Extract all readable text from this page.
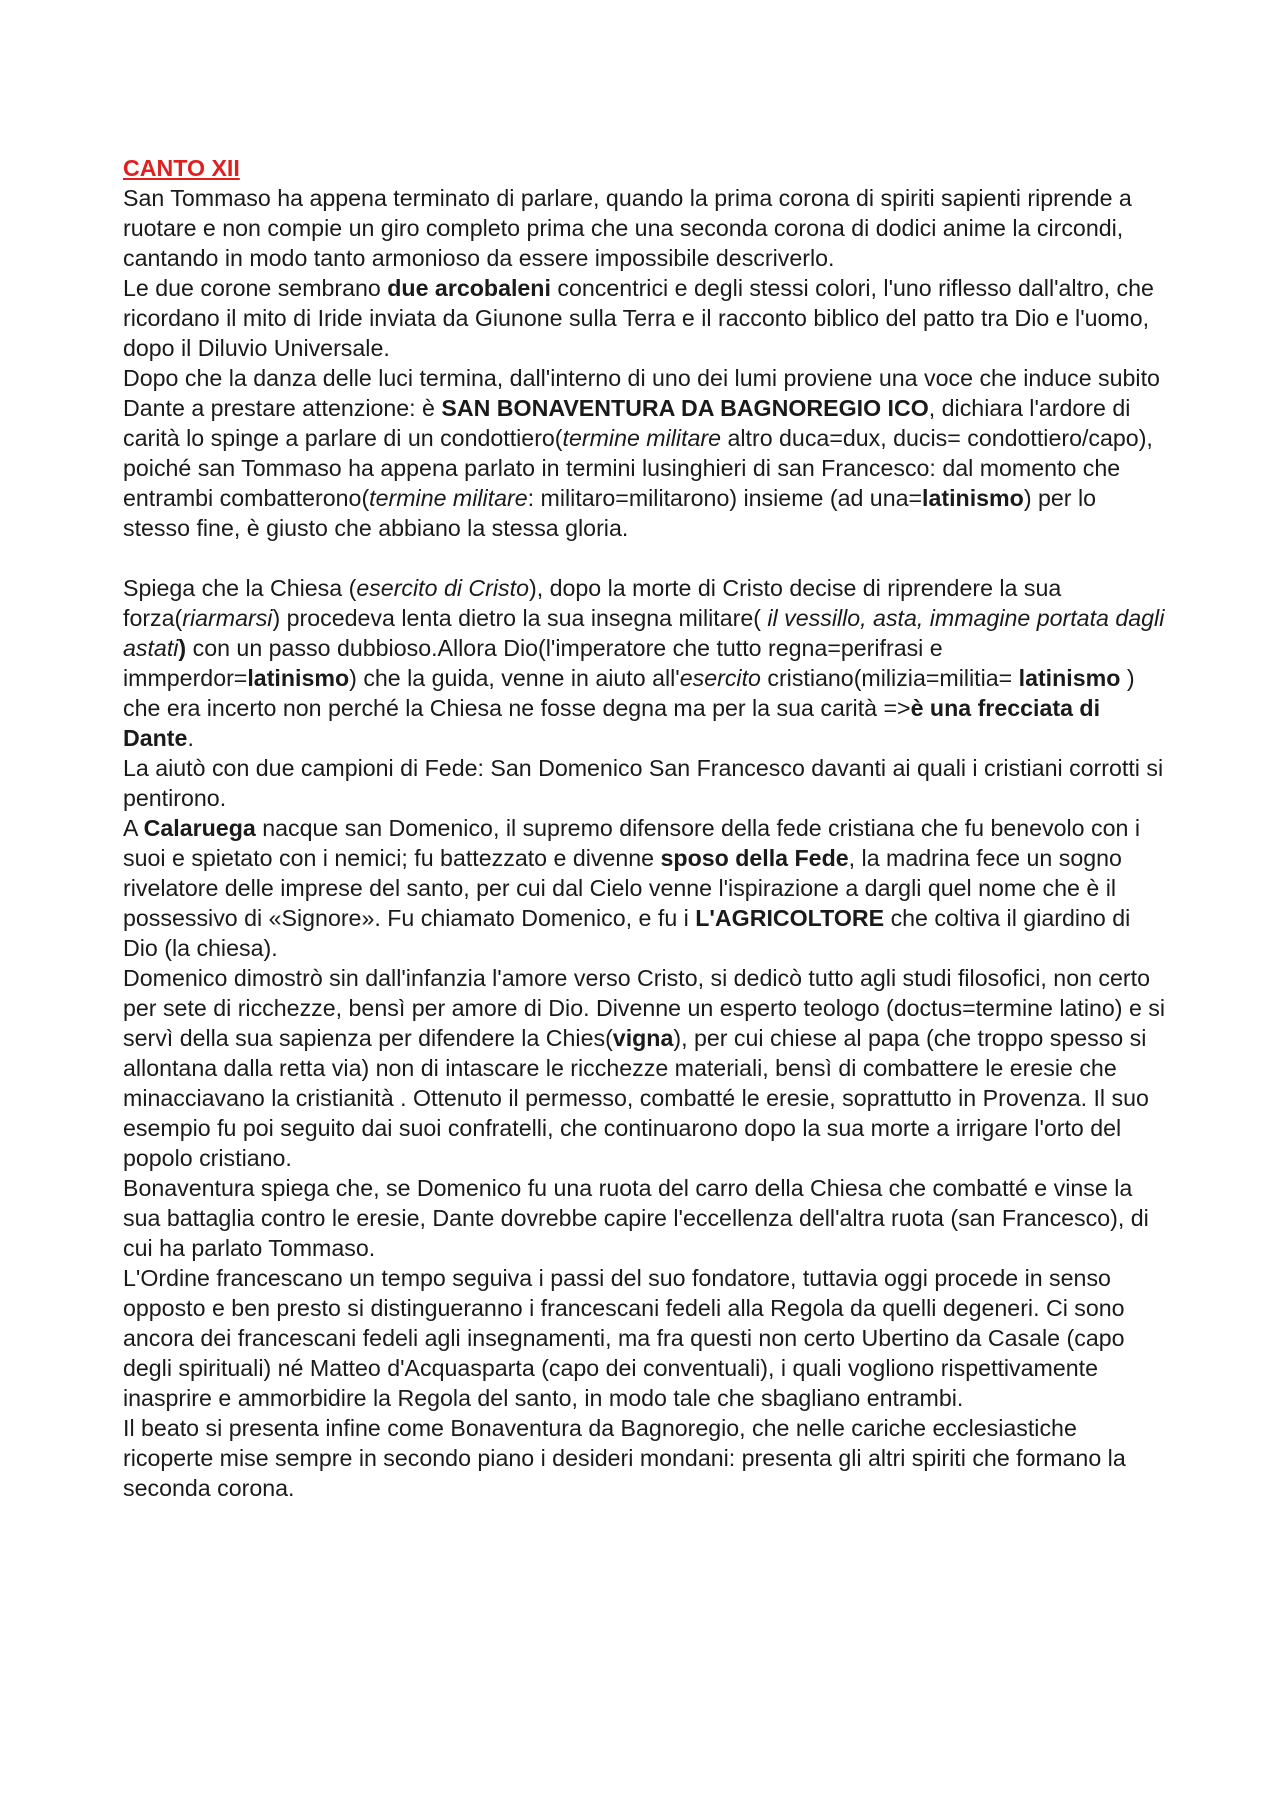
CANTO XII

San Tommaso ha appena terminato di parlare, quando la prima corona di spiriti sapienti riprende a ruotare e non compie un giro completo prima che una seconda corona di dodici anime la circondi, cantando in modo tanto armonioso da essere impossibile descriverlo.

Le due corone sembrano due arcobaleni concentrici e degli stessi colori, l'uno riflesso dall'altro, che ricordano il mito di Iride inviata da Giunone sulla Terra e il racconto biblico del patto tra Dio e l'uomo, dopo il Diluvio Universale.

Dopo che la danza delle luci termina, dall'interno di uno dei lumi proviene una voce che induce subito Dante a prestare attenzione: è SAN BONAVENTURA DA BAGNOREGIO ICO, dichiara l'ardore di carità lo spinge a parlare di un condottiero(termine militare altro duca=dux, ducis= condottiero/capo), poiché san Tommaso ha appena parlato in termini lusinghieri di san Francesco: dal momento che entrambi combatterono(termine militare: militaro=militarono) insieme (ad una=latinismo) per lo stesso fine, è giusto che abbiano la stessa gloria.

Spiega che la Chiesa (esercito di Cristo), dopo la morte di Cristo decise di riprendere la sua forza(riarmarsi) procedeva lenta dietro la sua insegna militare( il vessillo, asta, immagine portata dagli astati) con un passo dubbioso.Allora Dio(l'imperatore che tutto regna=perifrasi e immperdor=latinismo) che la guida, venne in aiuto all'esercito cristiano(milizia=militia= latinismo ) che era incerto non perché la Chiesa ne fosse degna ma per la sua carità =>è una frecciata di Dante.

La aiutò con due campioni di Fede: San Domenico San Francesco davanti ai quali i cristiani corrotti si pentirono.

A Calaruega nacque san Domenico, il supremo difensore della fede cristiana che fu benevolo con i suoi e spietato con i nemici; fu battezzato e divenne sposo della Fede, la madrina fece un sogno rivelatore delle imprese del santo, per cui dal Cielo venne l'ispirazione a dargli quel nome che è il possessivo di «Signore». Fu chiamato Domenico, e fu i L'AGRICOLTORE che coltiva il giardino di Dio (la chiesa).

Domenico dimostrò sin dall'infanzia l'amore verso Cristo, si dedicò tutto agli studi filosofici, non certo per sete di ricchezze, bensì per amore di Dio. Divenne un esperto teologo (doctus=termine latino) e si servì della sua sapienza per difendere la Chies(vigna), per cui chiese al papa (che troppo spesso si allontana dalla retta via) non di intascare le ricchezze materiali, bensì di combattere le eresie che minacciavano la cristianità . Ottenuto il permesso, combatté le eresie, soprattutto in Provenza. Il suo esempio fu poi seguito dai suoi confratelli, che continuarono dopo la sua morte a irrigare l'orto del popolo cristiano.

Bonaventura spiega che, se Domenico fu una ruota del carro della Chiesa che combatté e vinse la sua battaglia contro le eresie, Dante dovrebbe capire l'eccellenza dell'altra ruota (san Francesco), di cui ha parlato Tommaso.

L'Ordine francescano un tempo seguiva i passi del suo fondatore, tuttavia oggi procede in senso opposto e ben presto si distingueranno i francescani fedeli alla Regola da quelli degeneri. Ci sono ancora dei francescani fedeli agli insegnamenti, ma fra questi non certo Ubertino da Casale (capo degli spirituali) né Matteo d'Acquasparta (capo dei conventuali), i quali vogliono rispettivamente inasprire e ammorbidire la Regola del santo, in modo tale che sbagliano entrambi.

Il beato si presenta infine come Bonaventura da Bagnoregio, che nelle cariche ecclesiastiche ricoperte mise sempre in secondo piano i desideri mondani: presenta gli altri spiriti che formano la seconda corona.
